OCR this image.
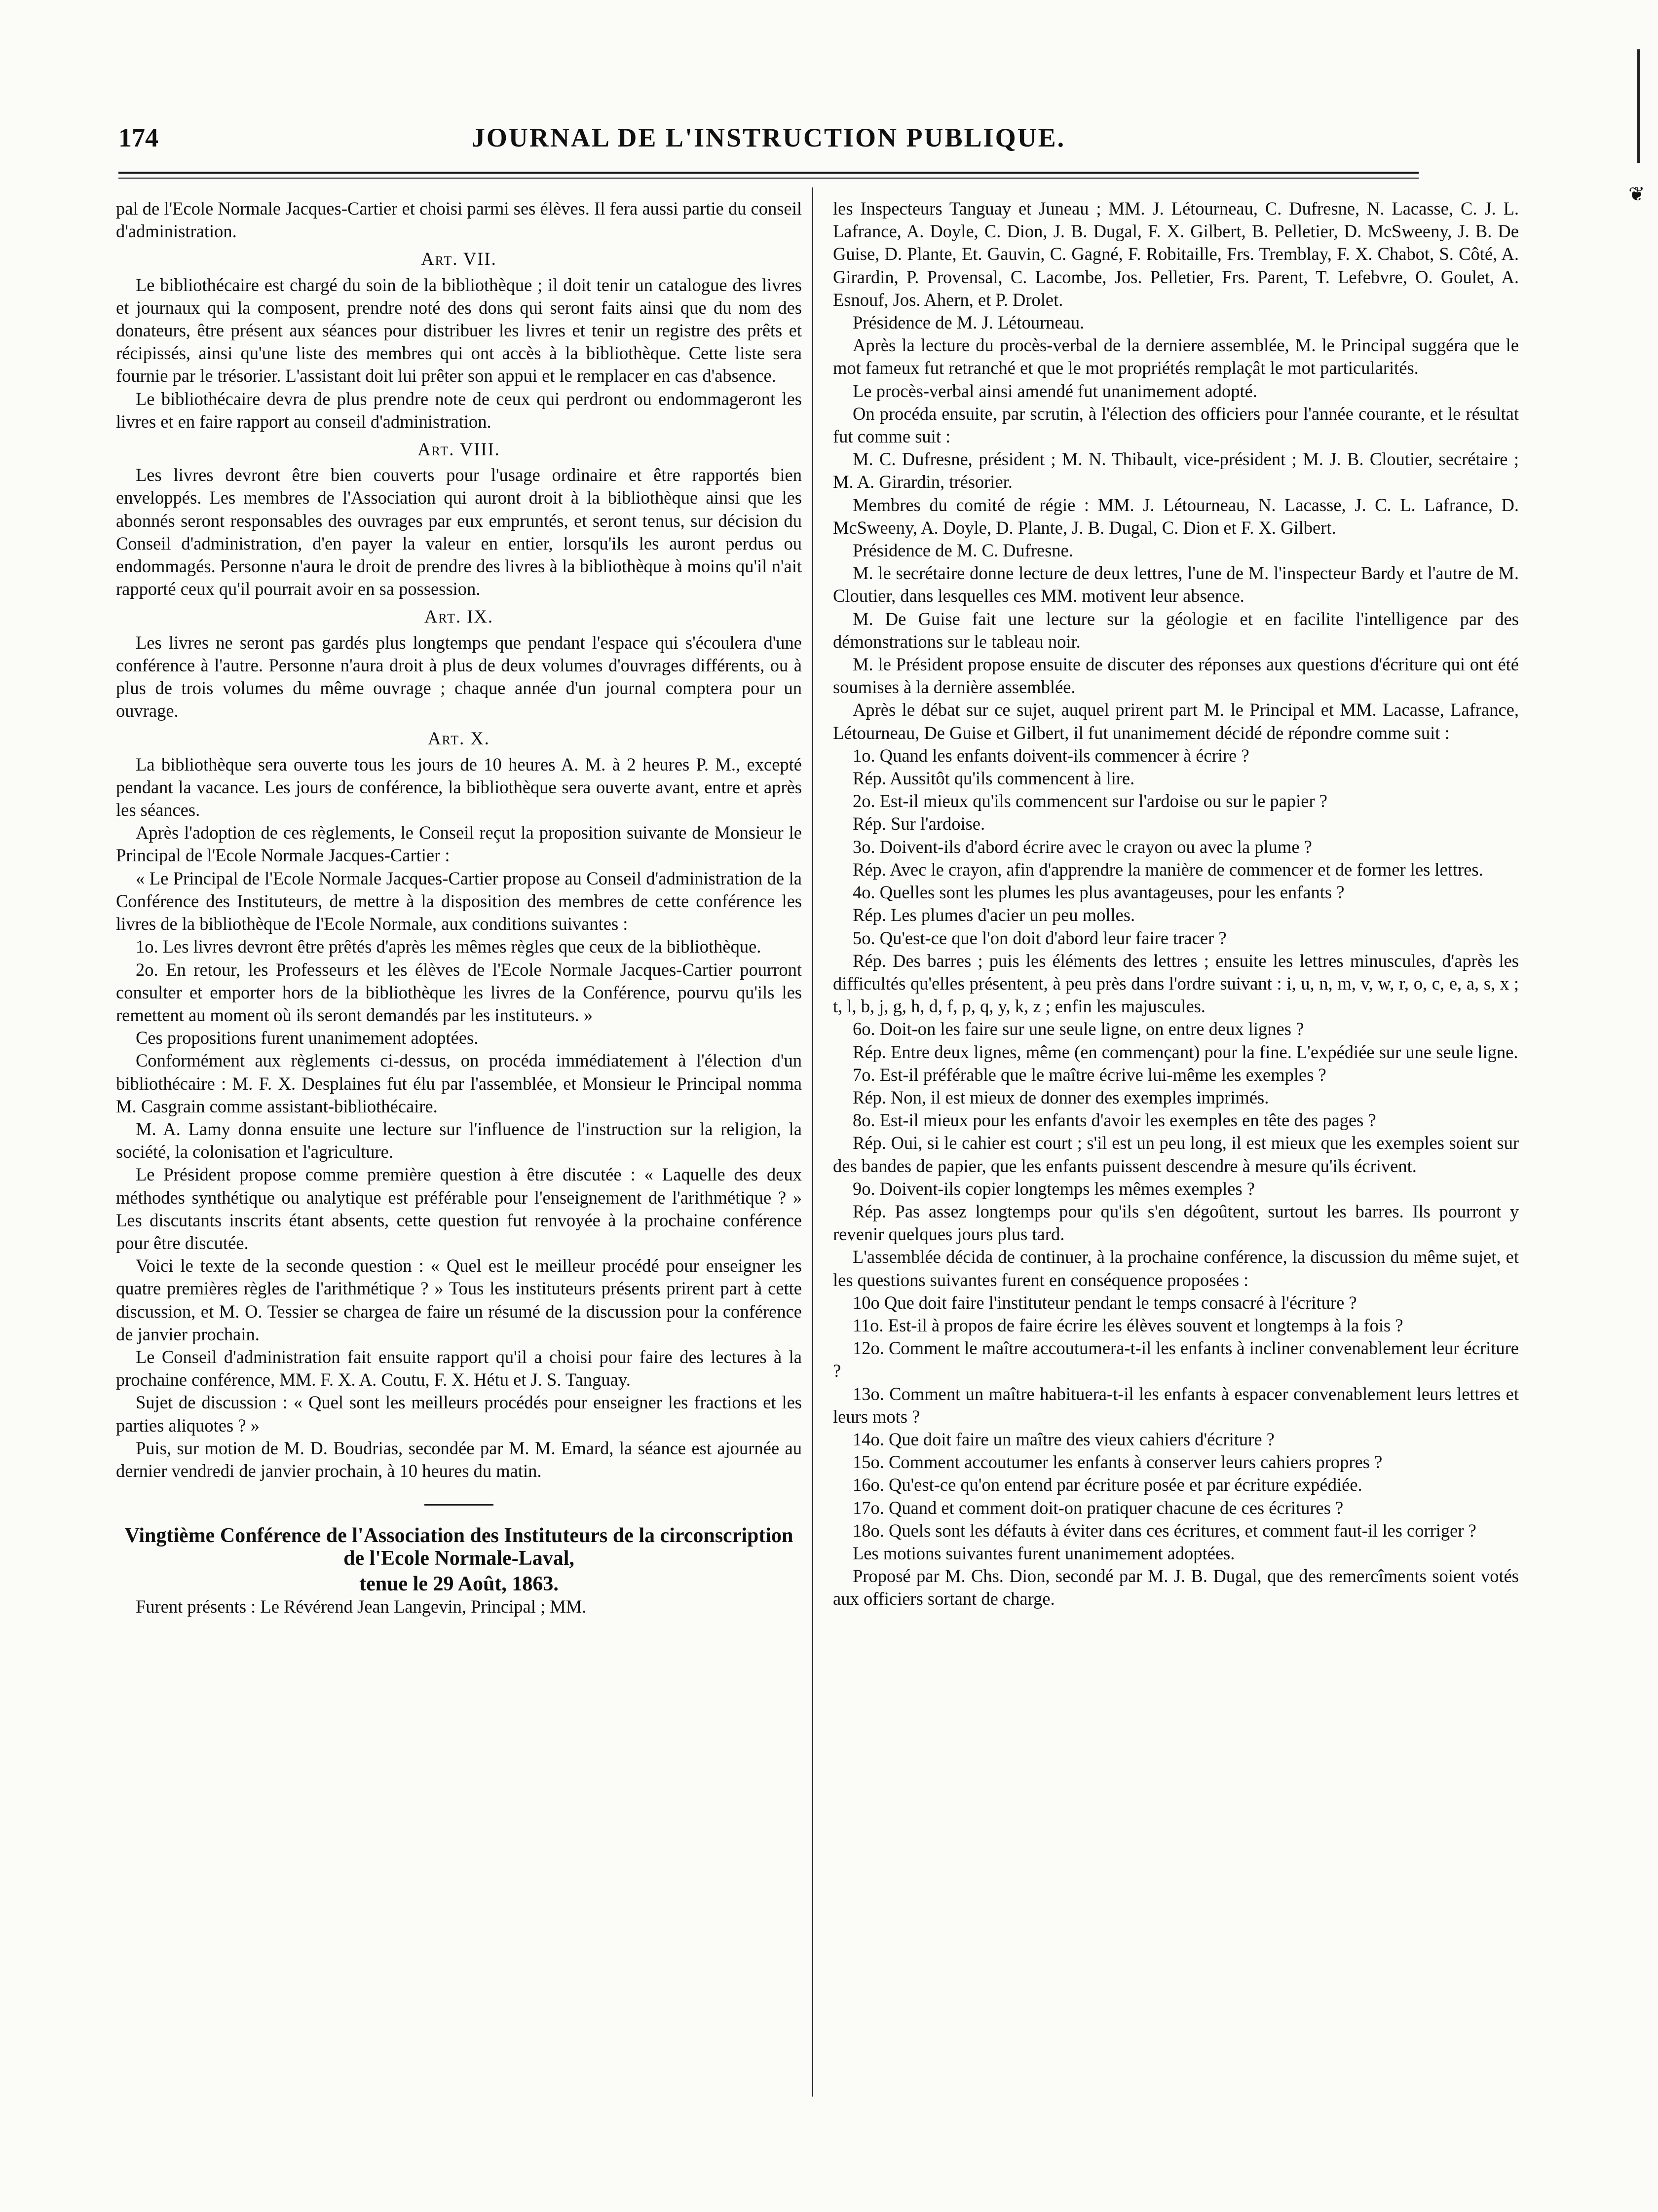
174	JOURNAL DE L'INSTRUCTION PUBLIQUE.
❦

pal de l'Ecole Normale Jacques-Cartier et choisi parmi ses élèves. Il fera aussi partie du conseil d'administration.

Art. VII.

Le bibliothécaire est chargé du soin de la bibliothèque ; il doit tenir un catalogue des livres et journaux qui la composent, prendre noté des dons qui seront faits ainsi que du nom des donateurs, être présent aux séances pour distribuer les livres et tenir un registre des prêts et récipissés, ainsi qu'une liste des membres qui ont accès à la bibliothèque. Cette liste sera fournie par le trésorier. L'assistant doit lui prêter son appui et le remplacer en cas d'absence.

Le bibliothécaire devra de plus prendre note de ceux qui perdront ou endommageront les livres et en faire rapport au conseil d'administration.

Art. VIII.

Les livres devront être bien couverts pour l'usage ordinaire et être rapportés bien enveloppés. Les membres de l'Association qui auront droit à la bibliothèque ainsi que les abonnés seront responsables des ouvrages par eux empruntés, et seront tenus, sur décision du Conseil d'administration, d'en payer la valeur en entier, lorsqu'ils les auront perdus ou endommagés. Personne n'aura le droit de prendre des livres à la bibliothèque à moins qu'il n'ait rapporté ceux qu'il pourrait avoir en sa possession.

Art. IX.

Les livres ne seront pas gardés plus longtemps que pendant l'espace qui s'écoulera d'une conférence à l'autre. Personne n'aura droit à plus de deux volumes d'ouvrages différents, ou à plus de trois volumes du même ouvrage ; chaque année d'un journal comptera pour un ouvrage.

Art. X.

La bibliothèque sera ouverte tous les jours de 10 heures A. M. à 2 heures P. M., excepté pendant la vacance. Les jours de conférence, la bibliothèque sera ouverte avant, entre et après les séances.

Après l'adoption de ces règlements, le Conseil reçut la proposition suivante de Monsieur le Principal de l'Ecole Normale Jacques-Cartier :

« Le Principal de l'Ecole Normale Jacques-Cartier propose au Conseil d'administration de la Conférence des Instituteurs, de mettre à la disposition des membres de cette conférence les livres de la bibliothèque de l'Ecole Normale, aux conditions suivantes :

1o. Les livres devront être prêtés d'après les mêmes règles que ceux de la bibliothèque.

2o. En retour, les Professeurs et les élèves de l'Ecole Normale Jacques-Cartier pourront consulter et emporter hors de la bibliothèque les livres de la Conférence, pourvu qu'ils les remettent au moment où ils seront demandés par les instituteurs. »

Ces propositions furent unanimement adoptées.

Conformément aux règlements ci-dessus, on procéda immédiatement à l'élection d'un bibliothécaire : M. F. X. Desplaines fut élu par l'assemblée, et Monsieur le Principal nomma M. Casgrain comme assistant-bibliothécaire.

M. A. Lamy donna ensuite une lecture sur l'influence de l'instruction sur la religion, la société, la colonisation et l'agriculture.

Le Président propose comme première question à être discutée : « Laquelle des deux méthodes synthétique ou analytique est préférable pour l'enseignement de l'arithmétique ? » Les discutants inscrits étant absents, cette question fut renvoyée à la prochaine conférence pour être discutée.

Voici le texte de la seconde question : « Quel est le meilleur procédé pour enseigner les quatre premières règles de l'arithmétique ? » Tous les instituteurs présents prirent part à cette discussion, et M. O. Tessier se chargea de faire un résumé de la discussion pour la conférence de janvier prochain.

Le Conseil d'administration fait ensuite rapport qu'il a choisi pour faire des lectures à la prochaine conférence, MM. F. X. A. Coutu, F. X. Hétu et J. S. Tanguay.

Sujet de discussion : « Quel sont les meilleurs procédés pour enseigner les fractions et les parties aliquotes ? »

Puis, sur motion de M. D. Boudrias, secondée par M. M. Emard, la séance est ajournée au dernier vendredi de janvier prochain, à 10 heures du matin.

Vingtième Conférence de l'Association des Instituteurs de la circonscription de l'Ecole Normale-Laval,

tenue le 29 Août, 1863.

Furent présents : Le Révérend Jean Langevin, Principal ; MM.

les Inspecteurs Tanguay et Juneau ; MM. J. Létourneau, C. Dufresne, N. Lacasse, C. J. L. Lafrance, A. Doyle, C. Dion, J. B. Dugal, F. X. Gilbert, B. Pelletier, D. McSweeny, J. B. De Guise, D. Plante, Et. Gauvin, C. Gagné, F. Robitaille, Frs. Tremblay, F. X. Chabot, S. Côté, A. Girardin, P. Provensal, C. Lacombe, Jos. Pelletier, Frs. Parent, T. Lefebvre, O. Goulet, A. Esnouf, Jos. Ahern, et P. Drolet.

Présidence de M. J. Létourneau.

Après la lecture du procès-verbal de la derniere assemblée, M. le Principal suggéra que le mot fameux fut retranché et que le mot propriétés remplaçât le mot particularités.

Le procès-verbal ainsi amendé fut unanimement adopté.

On procéda ensuite, par scrutin, à l'élection des officiers pour l'année courante, et le résultat fut comme suit :

M. C. Dufresne, président ; M. N. Thibault, vice-président ; M. J. B. Cloutier, secrétaire ; M. A. Girardin, trésorier.

Membres du comité de régie : MM. J. Létourneau, N. Lacasse, J. C. L. Lafrance, D. McSweeny, A. Doyle, D. Plante, J. B. Dugal, C. Dion et F. X. Gilbert.

Présidence de M. C. Dufresne.

M. le secrétaire donne lecture de deux lettres, l'une de M. l'inspecteur Bardy et l'autre de M. Cloutier, dans lesquelles ces MM. motivent leur absence.

M. De Guise fait une lecture sur la géologie et en facilite l'intelligence par des démonstrations sur le tableau noir.

M. le Président propose ensuite de discuter des réponses aux questions d'écriture qui ont été soumises à la dernière assemblée.

Après le débat sur ce sujet, auquel prirent part M. le Principal et MM. Lacasse, Lafrance, Létourneau, De Guise et Gilbert, il fut unanimement décidé de répondre comme suit :

1o. Quand les enfants doivent-ils commencer à écrire ?

Rép. Aussitôt qu'ils commencent à lire.

2o. Est-il mieux qu'ils commencent sur l'ardoise ou sur le papier ?

Rép. Sur l'ardoise.

3o. Doivent-ils d'abord écrire avec le crayon ou avec la plume ?

Rép. Avec le crayon, afin d'apprendre la manière de commencer et de former les lettres.

4o. Quelles sont les plumes les plus avantageuses, pour les enfants ?

Rép. Les plumes d'acier un peu molles.

5o. Qu'est-ce que l'on doit d'abord leur faire tracer ?

Rép. Des barres ; puis les éléments des lettres ; ensuite les lettres minuscules, d'après les difficultés qu'elles présentent, à peu près dans l'ordre suivant : i, u, n, m, v, w, r, o, c, e, a, s, x ; t, l, b, j, g, h, d, f, p, q, y, k, z ; enfin les majuscules.

6o. Doit-on les faire sur une seule ligne, on entre deux lignes ?

Rép. Entre deux lignes, même (en commençant) pour la fine. L'expédiée sur une seule ligne.

7o. Est-il préférable que le maître écrive lui-même les exemples ?

Rép. Non, il est mieux de donner des exemples imprimés.

8o. Est-il mieux pour les enfants d'avoir les exemples en tête des pages ?

Rép. Oui, si le cahier est court ; s'il est un peu long, il est mieux que les exemples soient sur des bandes de papier, que les enfants puissent descendre à mesure qu'ils écrivent.

9o. Doivent-ils copier longtemps les mêmes exemples ?

Rép. Pas assez longtemps pour qu'ils s'en dégoûtent, surtout les barres. Ils pourront y revenir quelques jours plus tard.

L'assemblée décida de continuer, à la prochaine conférence, la discussion du même sujet, et les questions suivantes furent en conséquence proposées :

10o Que doit faire l'instituteur pendant le temps consacré à l'écriture ?

11o. Est-il à propos de faire écrire les élèves souvent et longtemps à la fois ?

12o. Comment le maître accoutumera-t-il les enfants à incliner convenablement leur écriture ?

13o. Comment un maître habituera-t-il les enfants à espacer convenablement leurs lettres et leurs mots ?

14o. Que doit faire un maître des vieux cahiers d'écriture ?

15o. Comment accoutumer les enfants à conserver leurs cahiers propres ?

16o. Qu'est-ce qu'on entend par écriture posée et par écriture expédiée.

17o. Quand et comment doit-on pratiquer chacune de ces écritures ?

18o. Quels sont les défauts à éviter dans ces écritures, et comment faut-il les corriger ?

Les motions suivantes furent unanimement adoptées.

Proposé par M. Chs. Dion, secondé par M. J. B. Dugal, que des remercîments soient votés aux officiers sortant de charge.
